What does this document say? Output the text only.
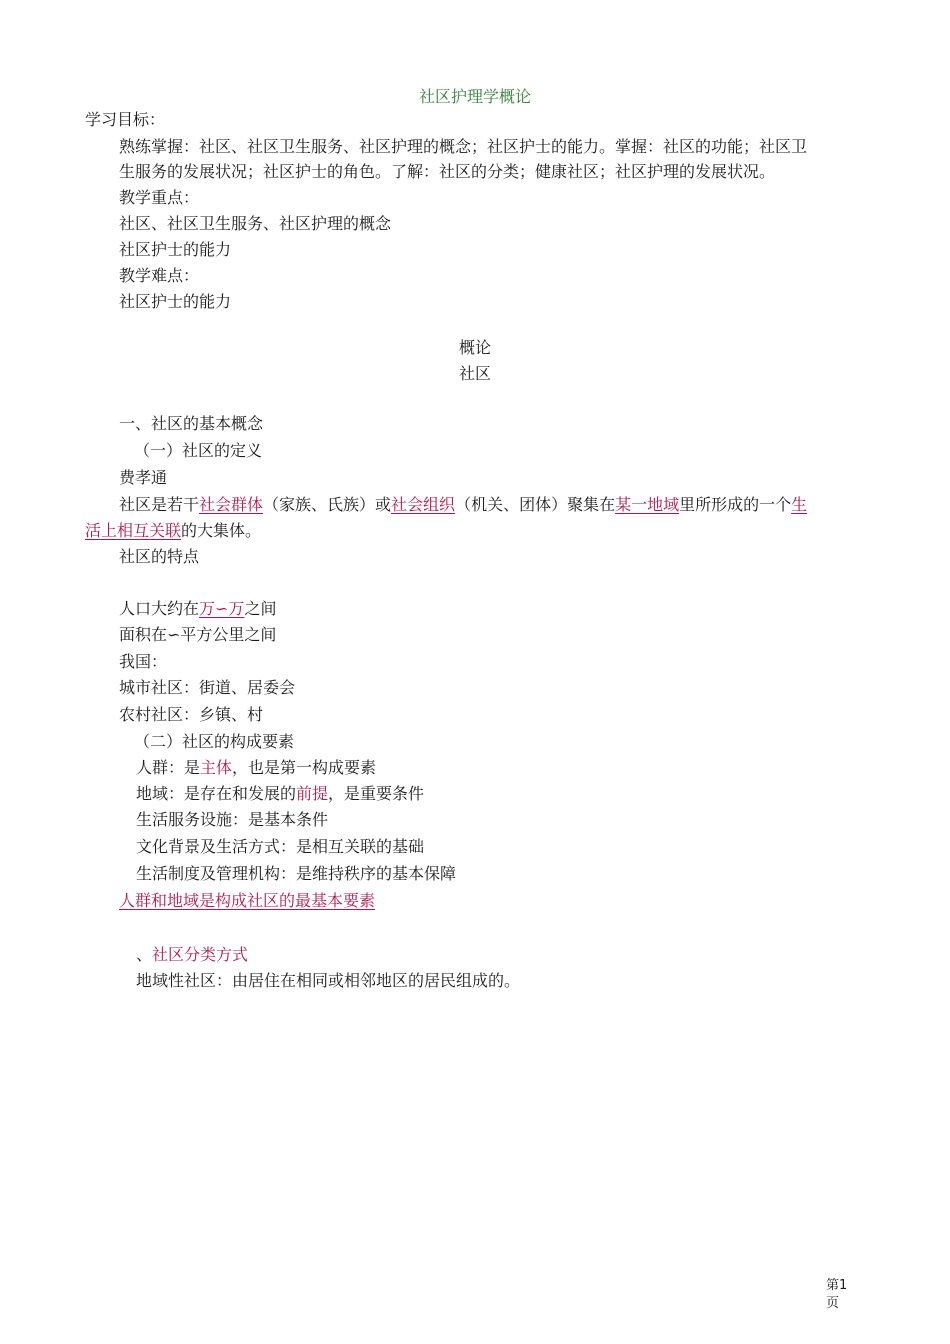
社区护理学概论
学习目标：
熟练掌握：社区、社区卫生服务、社区护理的概念；社区护士的能力。掌握：社区的功能；社区卫
生服务的发展状况；社区护士的角色。了解：社区的分类；健康社区；社区护理的发展状况。
教学重点：
社区、社区卫生服务、社区护理的概念
社区护士的能力
教学难点：
社区护士的能力
概论
社区
一、社区的基本概念
（一）社区的定义
费孝通
社区是若干社会群体（家族、氏族）或社会组织（机关、团体）聚集在某一地域里所形成的一个生
活上相互关联的大集体。
社区的特点
人口大约在万∽万之间
面积在∽平方公里之间
我国：
城市社区：街道、居委会
农村社区：乡镇、村
（二）社区的构成要素
人群：是主体，也是第一构成要素
地域：是存在和发展的前提，是重要条件
生活服务设施：是基本条件
文化背景及生活方式：是相互关联的基础
生活制度及管理机构：是维持秩序的基本保障
人群和地域是构成社区的最基本要素
、社区分类方式
地域性社区：由居住在相同或相邻地区的居民组成的。
第1
页
